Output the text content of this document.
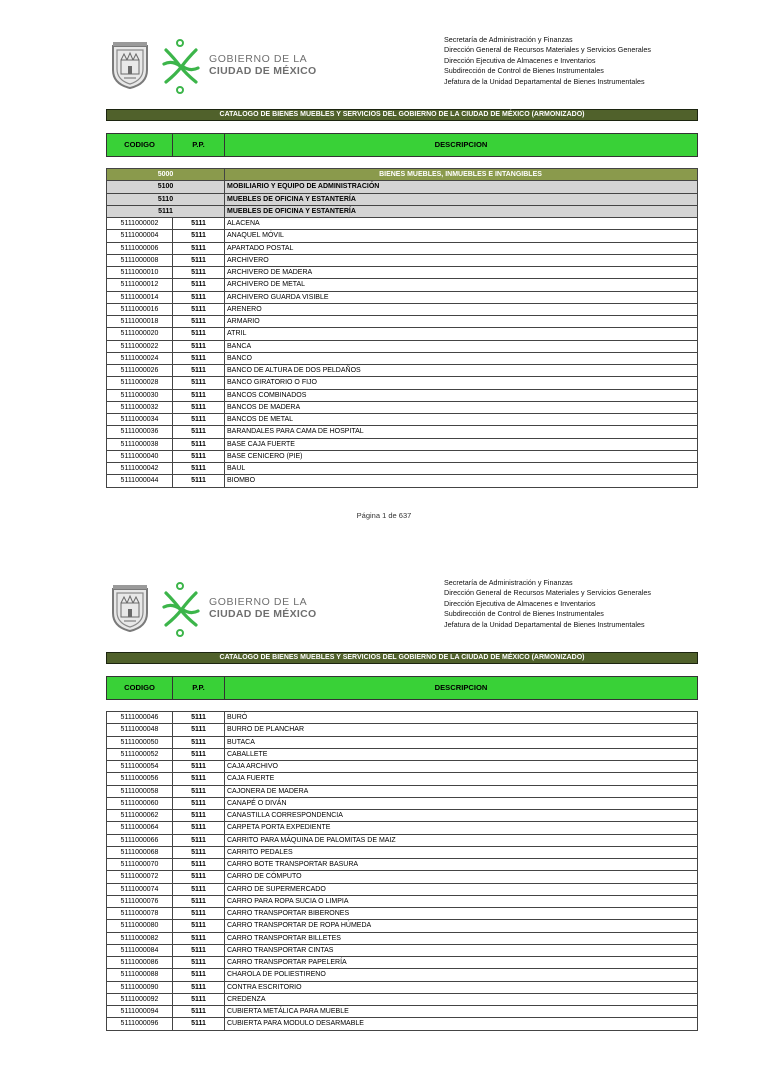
GOBIERNO DE LA
CIUDAD DE MÉXICO
Secretaría de Administración y Finanzas
Dirección General de Recursos Materiales y Servicios Generales
Dirección Ejecutiva de Almacenes e Inventarios
Subdirección de Control de Bienes Instrumentales
Jefatura de la Unidad Departamental de Bienes Instrumentales
CATALOGO DE BIENES MUEBLES Y SERVICIOS DEL GOBIERNO DE LA CIUDAD DE MÉXICO (ARMONIZADO)
CODIGO	P.P.	DESCRIPCION
5000		BIENES MUEBLES, INMUEBLES E INTANGIBLES
5100		MOBILIARIO Y EQUIPO DE ADMINISTRACIÓN
5110		MUEBLES DE OFICINA Y ESTANTERÍA
5111		MUEBLES DE OFICINA Y ESTANTERÍA
5111000002	5111	ALACENA
5111000004	5111	ANAQUEL MÓVIL
5111000006	5111	APARTADO POSTAL
5111000008	5111	ARCHIVERO
5111000010	5111	ARCHIVERO DE MADERA
5111000012	5111	ARCHIVERO DE METAL
5111000014	5111	ARCHIVERO GUARDA VISIBLE
5111000016	5111	ARENERO
5111000018	5111	ARMARIO
5111000020	5111	ATRIL
5111000022	5111	BANCA
5111000024	5111	BANCO
5111000026	5111	BANCO DE ALTURA DE DOS PELDAÑOS
5111000028	5111	BANCO GIRATORIO O FIJO
5111000030	5111	BANCOS COMBINADOS
5111000032	5111	BANCOS DE MADERA
5111000034	5111	BANCOS DE METAL
5111000036	5111	BARANDALES PARA CAMA DE HOSPITAL
5111000038	5111	BASE CAJA FUERTE
5111000040	5111	BASE CENICERO (PIE)
5111000042	5111	BAUL
5111000044	5111	BIOMBO
Página 1 de 637
GOBIERNO DE LA
CIUDAD DE MÉXICO
Secretaría de Administración y Finanzas
Dirección General de Recursos Materiales y Servicios Generales
Dirección Ejecutiva de Almacenes e Inventarios
Subdirección de Control de Bienes Instrumentales
Jefatura de la Unidad Departamental de Bienes Instrumentales
CATALOGO DE BIENES MUEBLES Y SERVICIOS DEL GOBIERNO DE LA CIUDAD DE MÉXICO (ARMONIZADO)
CODIGO	P.P.	DESCRIPCION
5111000046	5111	BURÓ
5111000048	5111	BURRO DE PLANCHAR
5111000050	5111	BUTACA
5111000052	5111	CABALLETE
5111000054	5111	CAJA ARCHIVO
5111000056	5111	CAJA FUERTE
5111000058	5111	CAJONERA DE MADERA
5111000060	5111	CANAPÉ O DIVÁN
5111000062	5111	CANASTILLA CORRESPONDENCIA
5111000064	5111	CARPETA PORTA EXPEDIENTE
5111000066	5111	CARRITO PARA MÁQUINA DE PALOMITAS DE MAIZ
5111000068	5111	CARRITO PEDALES
5111000070	5111	CARRO BOTE TRANSPORTAR BASURA
5111000072	5111	CARRO DE CÓMPUTO
5111000074	5111	CARRO DE SUPERMERCADO
5111000076	5111	CARRO PARA ROPA SUCIA O LIMPIA
5111000078	5111	CARRO TRANSPORTAR BIBERONES
5111000080	5111	CARRO TRANSPORTAR DE ROPA HÚMEDA
5111000082	5111	CARRO TRANSPORTAR BILLETES
5111000084	5111	CARRO TRANSPORTAR CINTAS
5111000086	5111	CARRO TRANSPORTAR PAPELERÍA
5111000088	5111	CHAROLA DE POLIESTIRENO
5111000090	5111	CONTRA ESCRITORIO
5111000092	5111	CREDENZA
5111000094	5111	CUBIERTA METÁLICA PARA MUEBLE
5111000096	5111	CUBIERTA PARA MODULO DESARMABLE
